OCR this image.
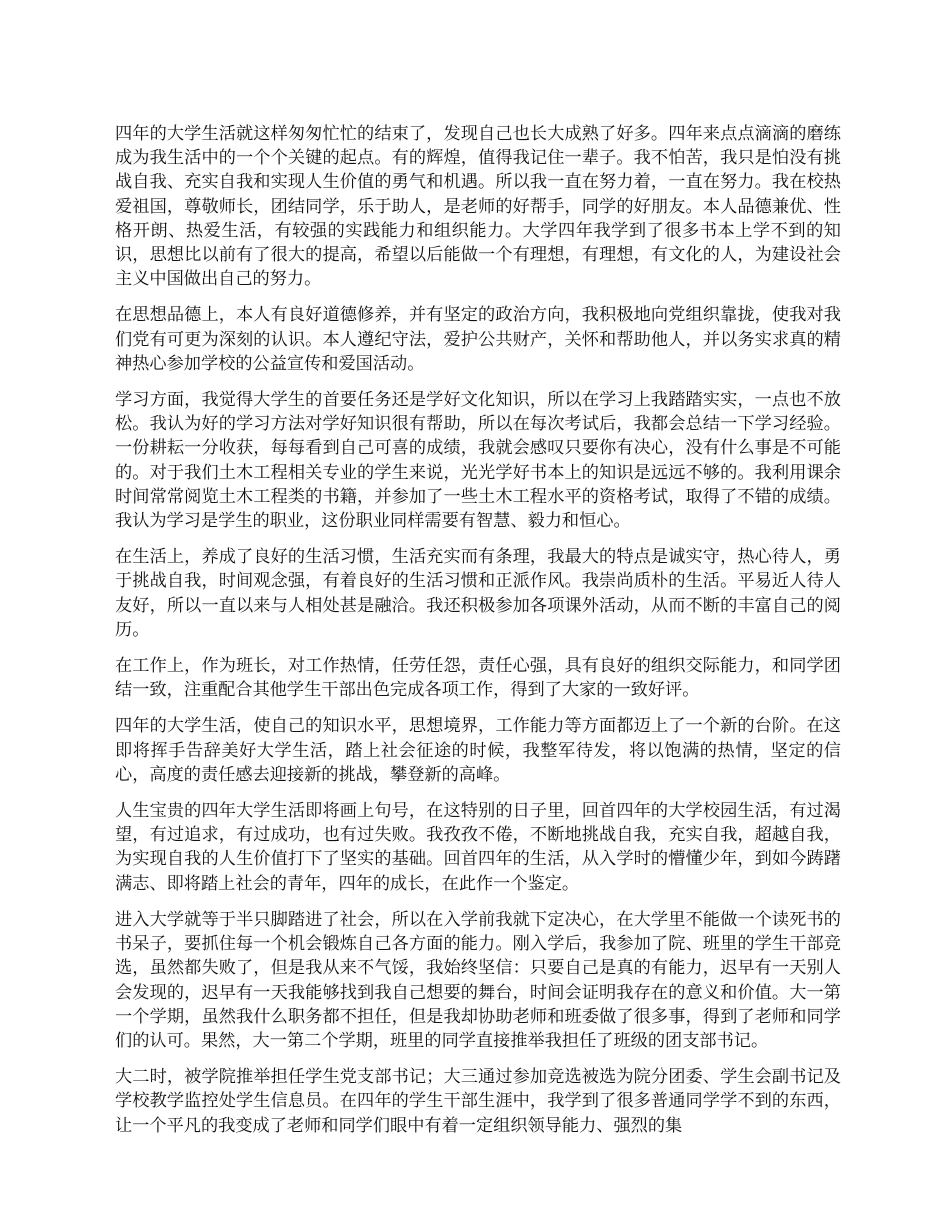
四年的大学生活就这样匆匆忙忙的结束了，发现自己也长大成熟了好多。四年来点点滴滴的磨练成为我生活中的一个个关键的起点。有的辉煌，值得我记住一辈子。我不怕苦，我只是怕没有挑战自我、充实自我和实现人生价值的勇气和机遇。所以我一直在努力着，一直在努力。我在校热爱祖国，尊敬师长，团结同学，乐于助人，是老师的好帮手，同学的好朋友。本人品德兼优、性格开朗、热爱生活，有较强的实践能力和组织能力。大学四年我学到了很多书本上学不到的知识，思想比以前有了很大的提高，希望以后能做一个有理想，有理想，有文化的人，为建设社会主义中国做出自己的努力。

在思想品德上，本人有良好道德修养，并有坚定的政治方向，我积极地向党组织靠拢，使我对我们党有可更为深刻的认识。本人遵纪守法，爱护公共财产，关怀和帮助他人，并以务实求真的精神热心参加学校的公益宣传和爱国活动。

学习方面，我觉得大学生的首要任务还是学好文化知识，所以在学习上我踏踏实实，一点也不放松。我认为好的学习方法对学好知识很有帮助，所以在每次考试后，我都会总结一下学习经验。一份耕耘一分收获，每每看到自己可喜的成绩，我就会感叹只要你有决心，没有什么事是不可能的。对于我们土木工程相关专业的学生来说，光光学好书本上的知识是远远不够的。我利用课余时间常常阅览土木工程类的书籍，并参加了一些土木工程水平的资格考试，取得了不错的成绩。我认为学习是学生的职业，这份职业同样需要有智慧、毅力和恒心。

在生活上，养成了良好的生活习惯，生活充实而有条理，我最大的特点是诚实守，热心待人，勇于挑战自我，时间观念强，有着良好的生活习惯和正派作风。我崇尚质朴的生活。平易近人待人友好，所以一直以来与人相处甚是融洽。我还积极参加各项课外活动，从而不断的丰富自己的阅历。

在工作上，作为班长，对工作热情，任劳任怨，责任心强，具有良好的组织交际能力，和同学团结一致，注重配合其他学生干部出色完成各项工作，得到了大家的一致好评。

四年的大学生活，使自己的知识水平，思想境界，工作能力等方面都迈上了一个新的台阶。在这即将挥手告辞美好大学生活，踏上社会征途的时候，我整军待发，将以饱满的热情，坚定的信心，高度的责任感去迎接新的挑战，攀登新的高峰。

人生宝贵的四年大学生活即将画上句号，在这特别的日子里，回首四年的大学校园生活，有过渴望，有过追求，有过成功，也有过失败。我孜孜不倦，不断地挑战自我，充实自我，超越自我，为实现自我的人生价值打下了坚实的基础。回首四年的生活，从入学时的懵懂少年，到如今踌躇满志、即将踏上社会的青年，四年的成长，在此作一个鉴定。

进入大学就等于半只脚踏进了社会，所以在入学前我就下定决心，在大学里不能做一个读死书的书呆子，要抓住每一个机会锻炼自己各方面的能力。刚入学后，我参加了院、班里的学生干部竞选，虽然都失败了，但是我从来不气馁，我始终坚信：只要自己是真的有能力，迟早有一天别人会发现的，迟早有一天我能够找到我自己想要的舞台，时间会证明我存在的意义和价值。大一第一个学期，虽然我什么职务都不担任，但是我却协助老师和班委做了很多事，得到了老师和同学们的认可。果然，大一第二个学期，班里的同学直接推举我担任了班级的团支部书记。

大二时，被学院推举担任学生党支部书记；大三通过参加竞选被选为院分团委、学生会副书记及学校教学监控处学生信息员。在四年的学生干部生涯中，我学到了很多普通同学学不到的东西，让一个平凡的我变成了老师和同学们眼中有着一定组织领导能力、强烈的集
